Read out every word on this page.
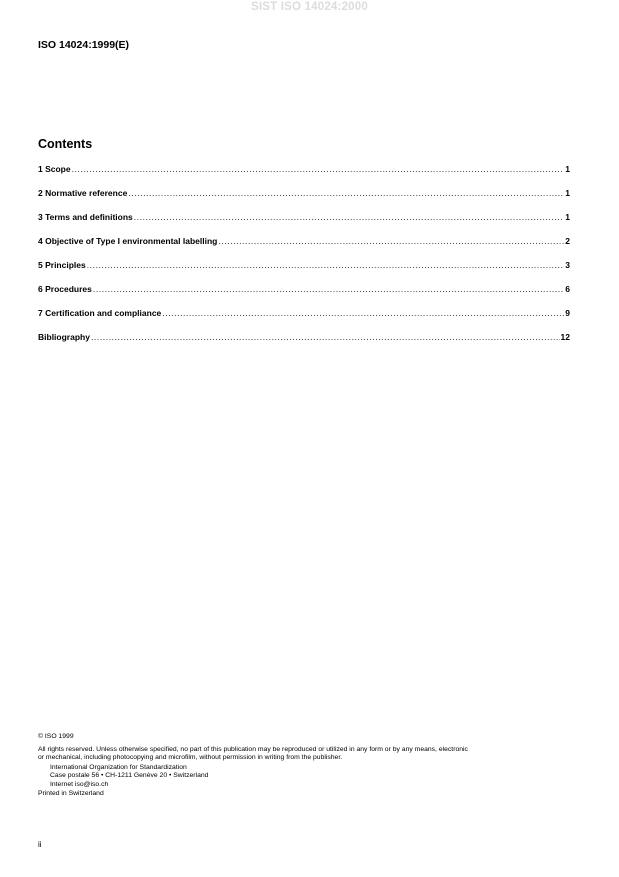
SIST ISO 14024:2000
ISO 14024:1999(E)
Contents
1 Scope .....	1
2 Normative reference .....	1
3 Terms and definitions .....	1
4 Objective of Type I environmental labelling .....	2
5 Principles .....	3
6 Procedures .....	6
7 Certification and compliance .....	9
Bibliography .....	12
© ISO 1999
All rights reserved. Unless otherwise specified, no part of this publication may be reproduced or utilized in any form or by any means, electronic
or mechanical, including photocopying and microfilm, without permission in writing from the publisher.
International Organization for Standardization
Case postale 56 • CH-1211 Genève 20 • Switzerland
Internet iso@iso.ch
Printed in Switzerland
ii
